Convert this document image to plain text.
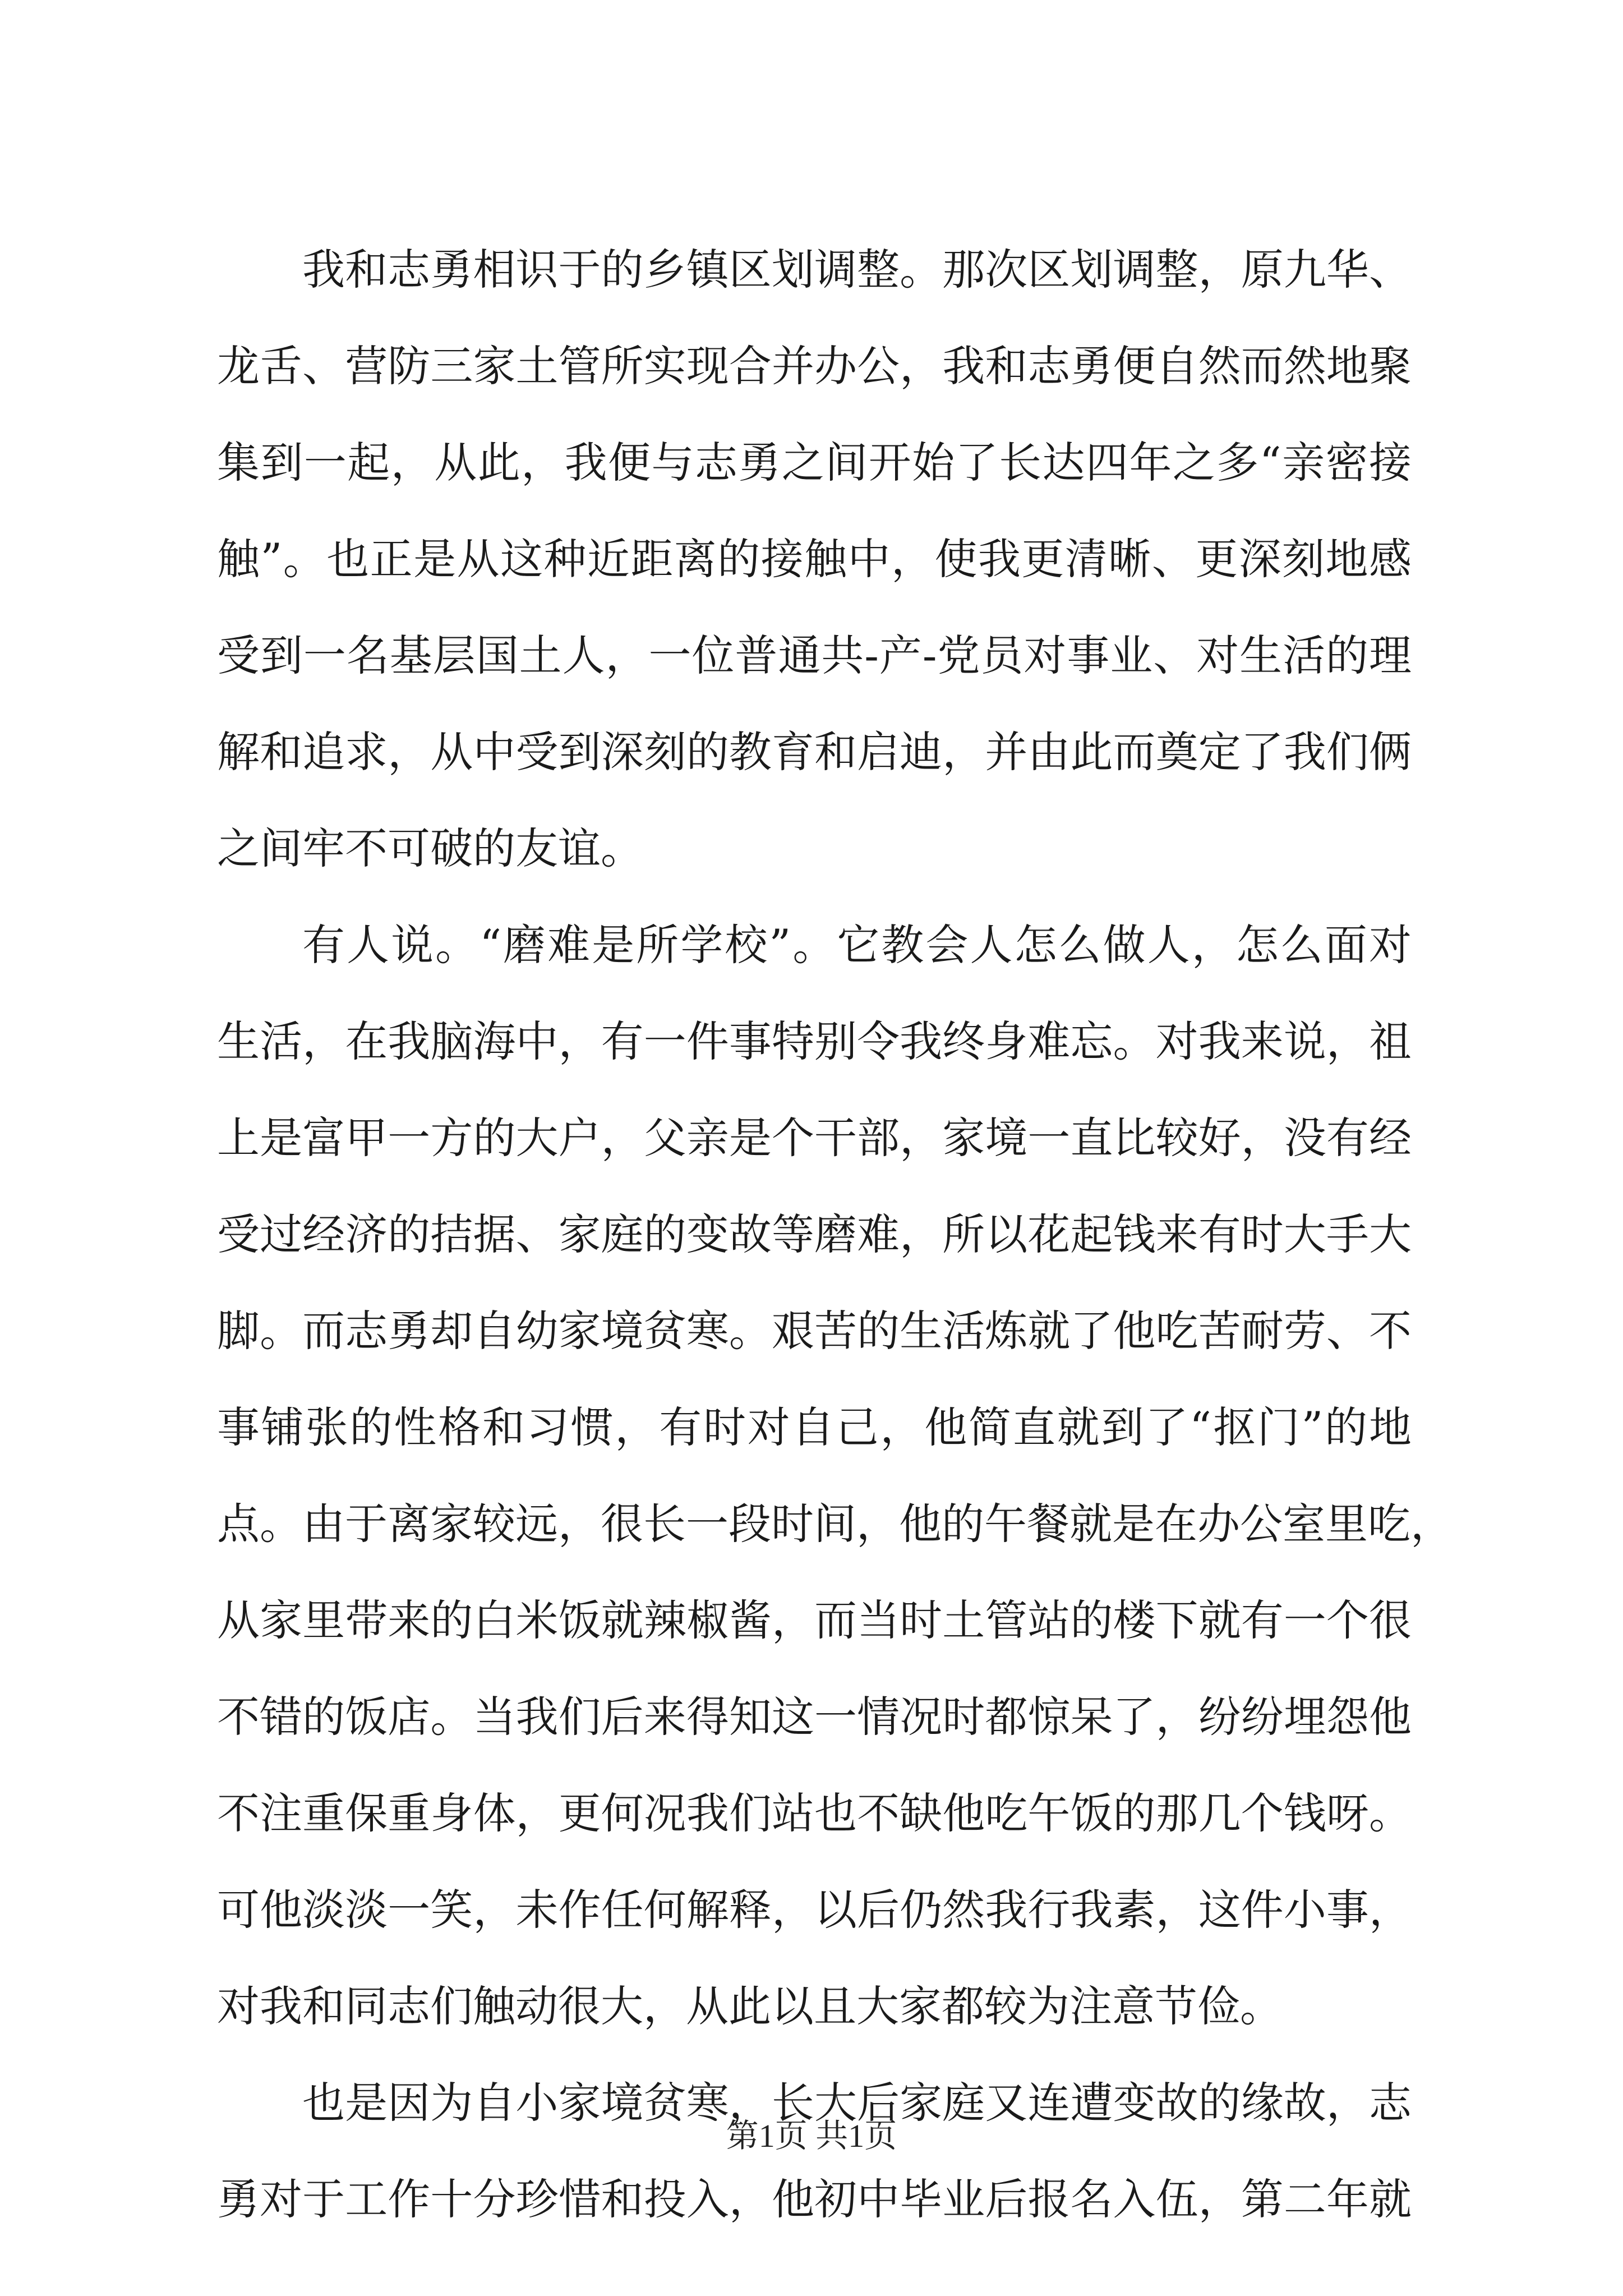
我和志勇相识于的乡镇区划调整。那次区划调整，原九华、
龙舌、营防三家土管所实现合并办公，我和志勇便自然而然地聚
集到一起，从此，我便与志勇之间开始了长达四年之多“亲密接
触”。也正是从这种近距离的接触中，使我更清晰、更深刻地感
受到一名基层国土人，一位普通共-产-党员对事业、对生活的理
解和追求，从中受到深刻的教育和启迪，并由此而奠定了我们俩
之间牢不可破的友谊。
有人说。“磨难是所学校”。它教会人怎么做人，怎么面对
生活，在我脑海中，有一件事特别令我终身难忘。对我来说，祖
上是富甲一方的大户，父亲是个干部，家境一直比较好，没有经
受过经济的拮据、家庭的变故等磨难，所以花起钱来有时大手大
脚。而志勇却自幼家境贫寒。艰苦的生活炼就了他吃苦耐劳、不
事铺张的性格和习惯，有时对自己，他简直就到了“抠门”的地
点。由于离家较远，很长一段时间，他的午餐就是在办公室里吃，
从家里带来的白米饭就辣椒酱，而当时土管站的楼下就有一个很
不错的饭店。当我们后来得知这一情况时都惊呆了，纷纷埋怨他
不注重保重身体，更何况我们站也不缺他吃午饭的那几个钱呀。
可他淡淡一笑，未作任何解释，以后仍然我行我素，这件小事，
对我和同志们触动很大，从此以且大家都较为注意节俭。
也是因为自小家境贫寒，长大后家庭又连遭变故的缘故，志
勇对于工作十分珍惜和投入，他初中毕业后报名入伍，第二年就
第1页 共1页
